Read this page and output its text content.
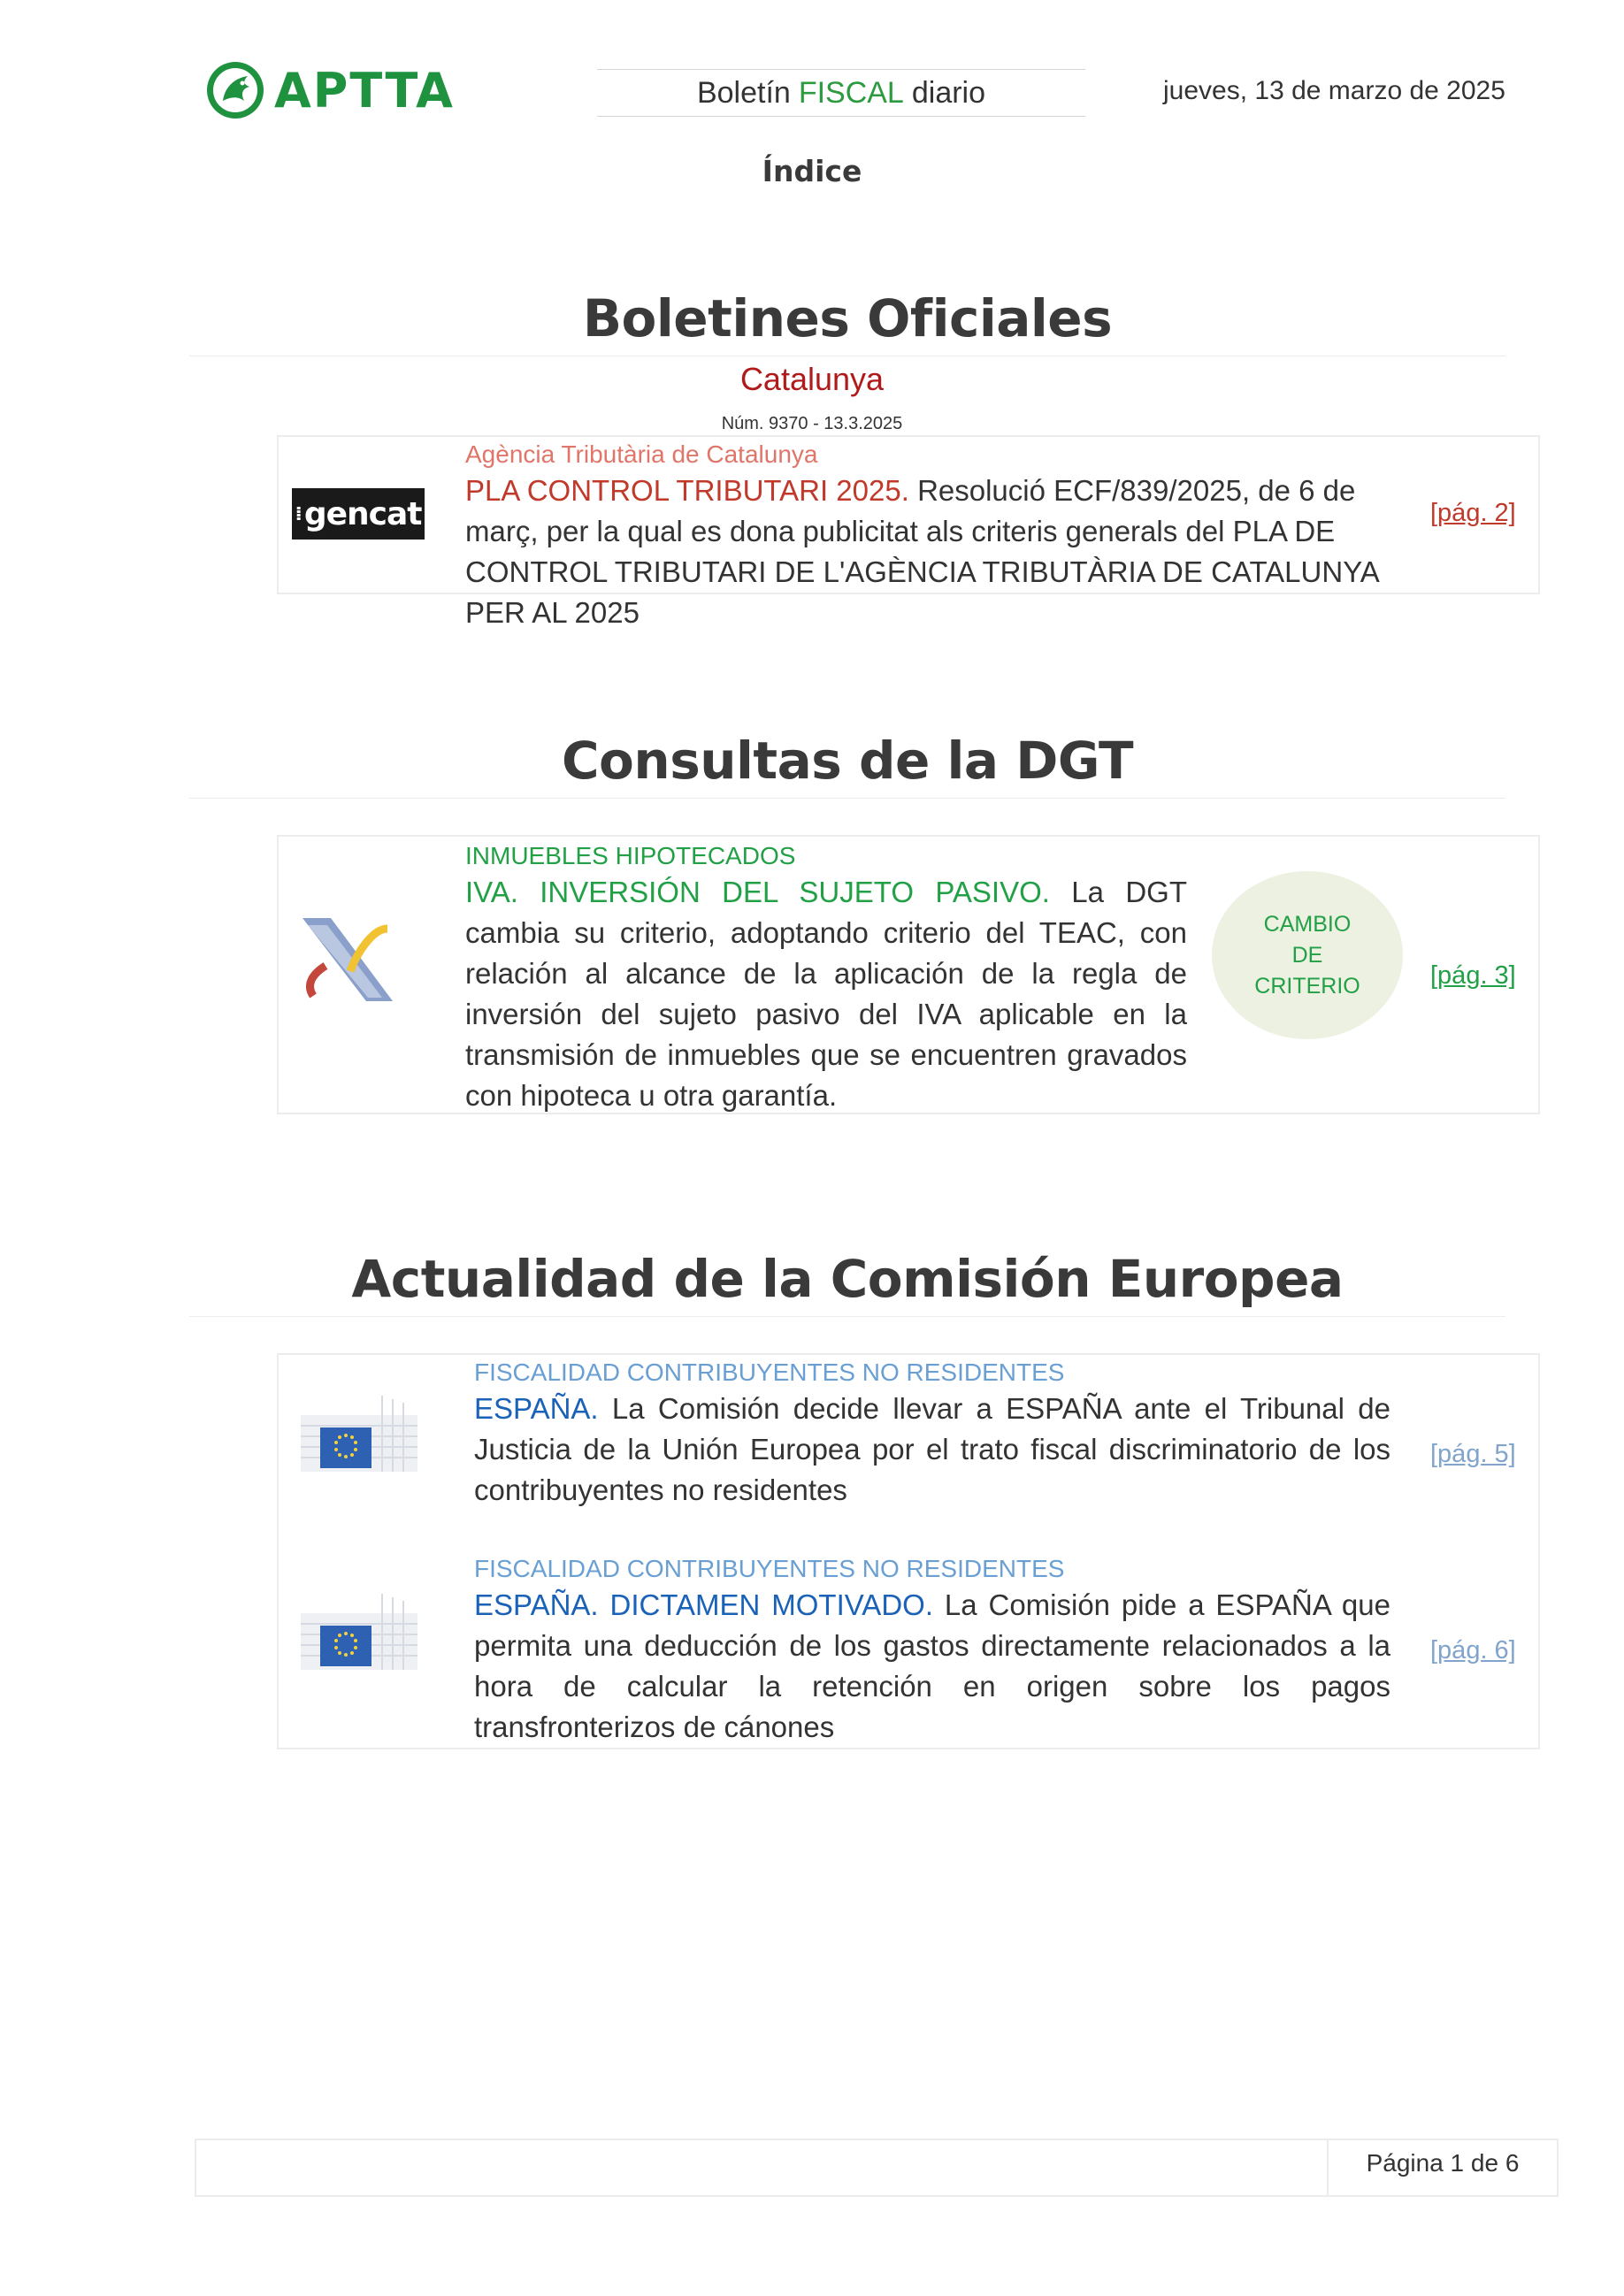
APTTA	Boletín FISCAL diario	jueves, 13 de marzo de 2025
Índice
Boletines Oficiales
Catalunya
Núm. 9370 - 13.3.2025
⁞ gencat
Agència Tributària de Catalunya
PLA CONTROL TRIBUTARI 2025. Resolució ECF/839/2025, de 6 de març, per la qual es dona publicitat als criteris generals del PLA DE CONTROL TRIBUTARI DE L'AGÈNCIA TRIBUTÀRIA DE CATALUNYA PER AL 2025
[pág. 2]
Consultas de la DGT
INMUEBLES HIPOTECADOS
IVA. INVERSIÓN DEL SUJETO PASIVO. La DGT cambia su criterio, adoptando criterio del TEAC, con relación al alcance de la aplicación de la regla de inversión del sujeto pasivo del IVA aplicable en la transmisión de inmuebles que se encuentren gravados con hipoteca u otra garantía.
CAMBIO
DE
CRITERIO	[pág. 3]
Actualidad de la Comisión Europea
FISCALIDAD CONTRIBUYENTES NO RESIDENTES
ESPAÑA. La Comisión decide llevar a ESPAÑA ante el Tribunal de Justicia de la Unión Europea por el trato fiscal discriminatorio de los contribuyentes no residentes
[pág. 5]
FISCALIDAD CONTRIBUYENTES NO RESIDENTES
ESPAÑA. DICTAMEN MOTIVADO. La Comisión pide a ESPAÑA que permita una deducción de los gastos directamente relacionados a la hora de calcular la retención en origen sobre los pagos transfronterizos de cánones
[pág. 6]
Página 1 de 6
